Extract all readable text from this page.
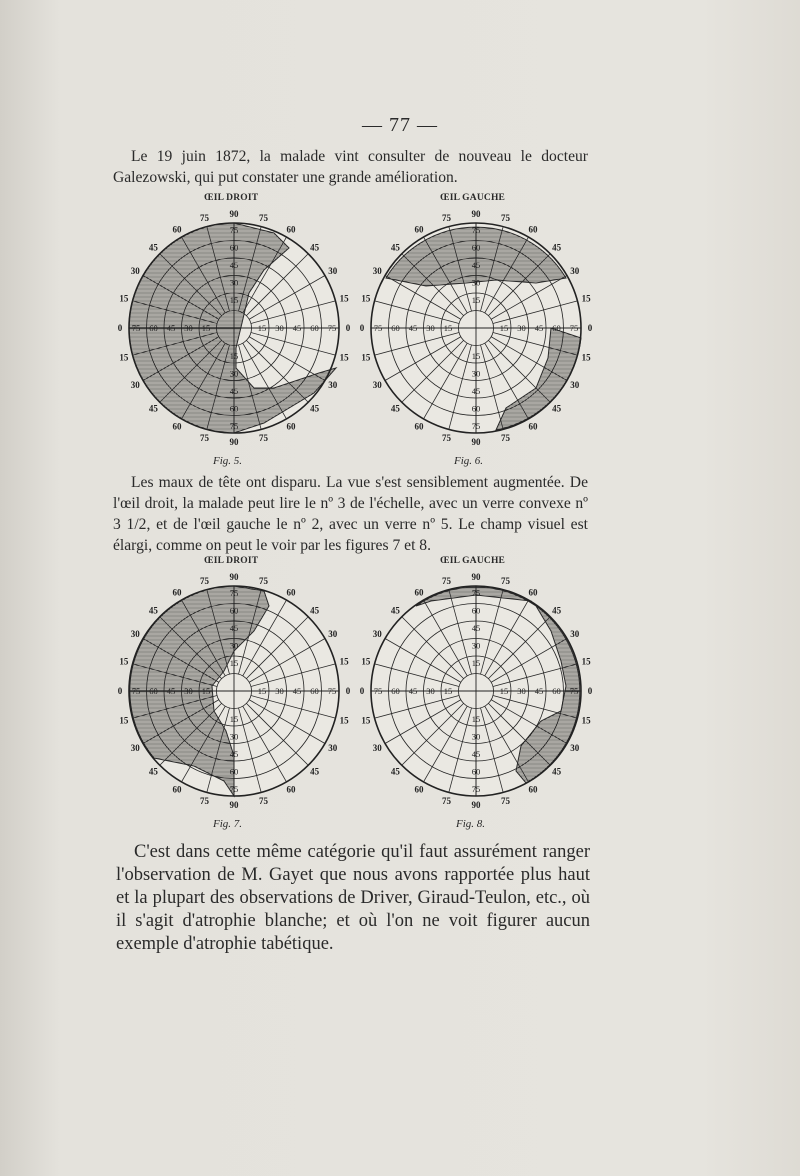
— 77 —

Le 19 juin 1872, la malade vint consulter de nouveau le docteur Galezowski, qui put constater une grande amélioration.

ŒIL DROIT
15
15
15
15
30
30
30
30
45
45
45
45
60
60
60
60
75
75
75
75
90
90
75
75
75	75
60
60
60	60
45
45
45	45
30
30
30	30
15
15
15	15
0
0
Fig. 5.
ŒIL GAUCHE
15
15
15
15
30
30
30
30
45
45
45
45
60
60
60
60
75
75
75
75
90
90
75
75
75	75
60
60
60	60
45
45
45	45
30
30
30	30
15
15
15	15
0
0
Fig. 6.

Les maux de tête ont disparu. La vue s'est sensiblement augmentée. De l'œil droit, la malade peut lire le nº 3 de l'échelle, avec un verre convexe nº 3 1/2, et de l'œil gauche le nº 2, avec un verre nº 5. Le champ visuel est élargi, comme on peut le voir par les figures 7 et 8.

ŒIL DROIT
15
15
15
15
30
30
30
30
45
45
45
45
60
60
60
60
75
75
75
75
90
90
75
75
75	75
60
60
60	60
45
45
45	45
30
30
30	30
15
15
15	15
0
0
Fig. 7.
ŒIL GAUCHE
15
15
15
15
30
30
30
30
45
45
45
45
60
60
60
60
75
75
75
75
90
90
75
75
75	75
60
60
60	60
45
45
45	45
30
30
30	30
15
15
15	15
0
0
Fig. 8.

C'est dans cette même catégorie qu'il faut assurément ranger l'observation de M. Gayet que nous avons rapportée plus haut et la plupart des observations de Driver, Giraud-Teulon, etc., où il s'agit d'atrophie blanche; et où l'on ne voit figurer aucun exemple d'atrophie tabétique.
